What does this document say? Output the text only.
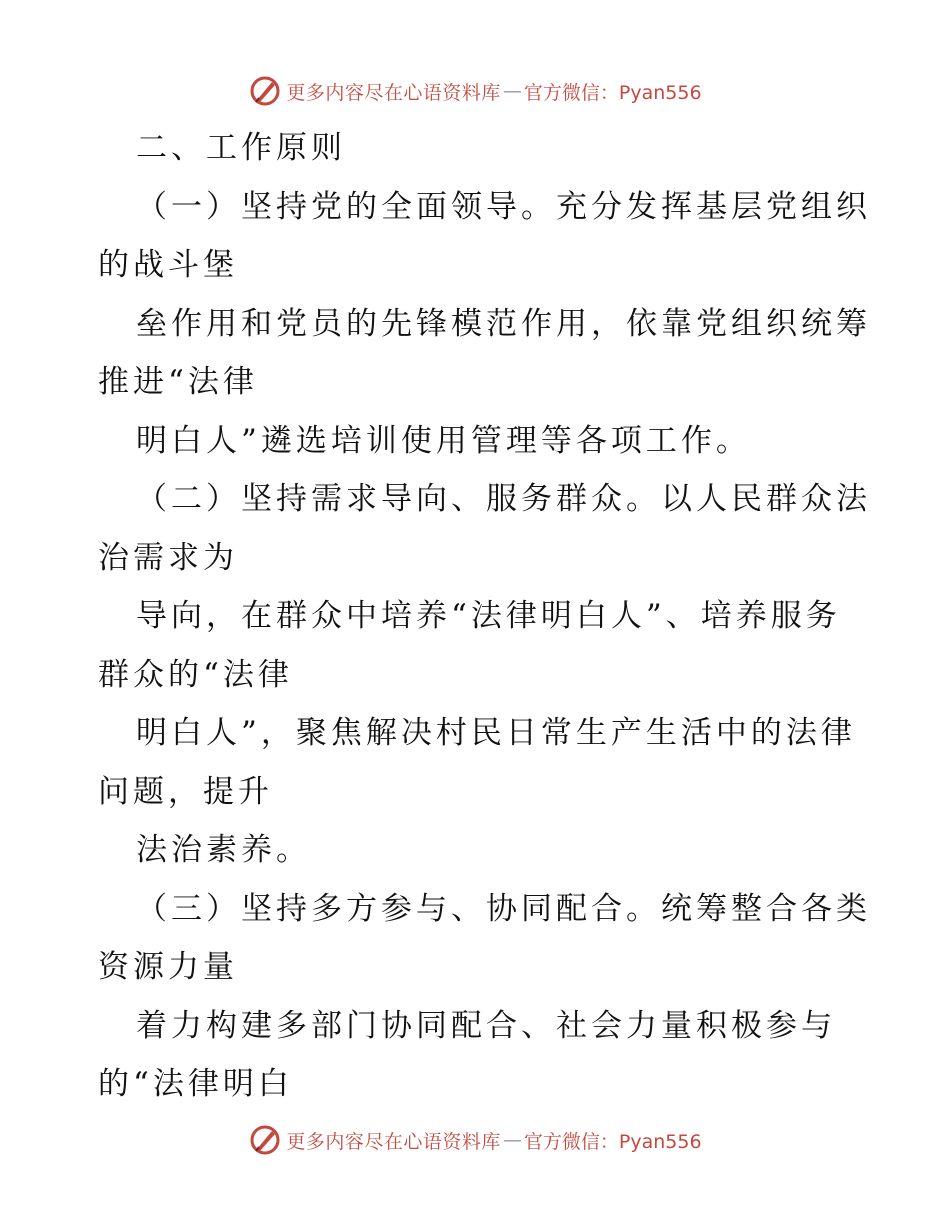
更多内容尽在心语资料库 — 官方微信：Pyan556
二、工作原则
（一）坚持党的全面领导。充分发挥基层党组织
的战斗堡
垒作用和党员的先锋模范作用，依靠党组织统筹
推进“法律
明白人”遴选培训使用管理等各项工作。
（二）坚持需求导向、服务群众。以人民群众法
治需求为
导向，在群众中培养“法律明白人”、培养服务
群众的“法律
明白人”，聚焦解决村民日常生产生活中的法律
问题，提升
法治素养。
（三）坚持多方参与、协同配合。统筹整合各类
资源力量
着力构建多部门协同配合、社会力量积极参与
的“法律明白
更多内容尽在心语资料库 — 官方微信：Pyan556
